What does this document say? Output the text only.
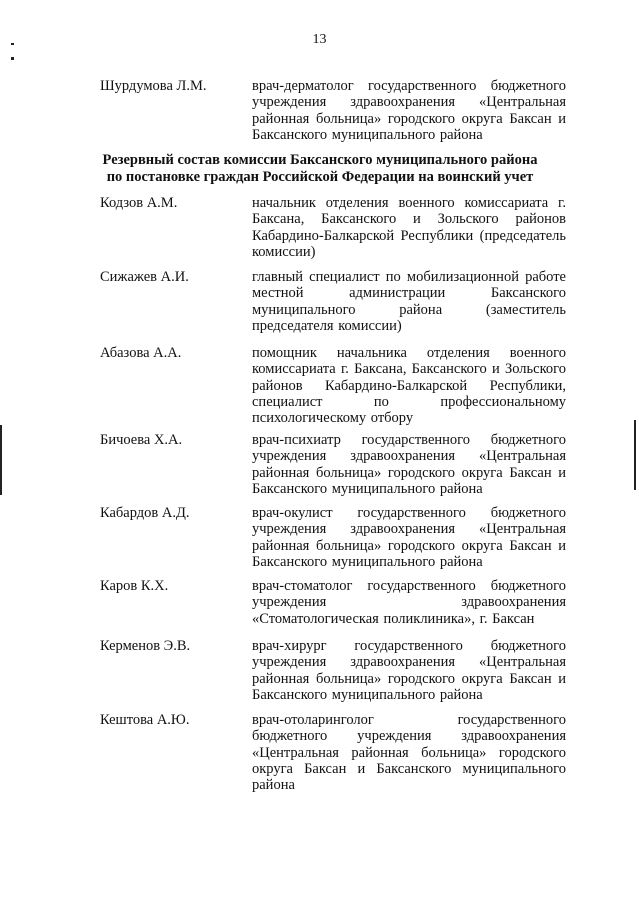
13
Шурдумова Л.М.	врач-дерматолог государственного бюджетного учреждения здравоохранения «Центральная районная больница» городского округа Баксан и Баксанского муниципального района
Резервный состав комиссии Баксанского муниципального района
по постановке граждан Российской Федерации на воинский учет
Кодзов А.М.	начальник отделения военного комиссариата г. Баксана, Баксанского и Зольского районов Кабардино-Балкарской Республики (председатель комиссии)
Сижажев А.И.	главный специалист по мобилизационной работе местной администрации Баксанского муниципального района (заместитель председателя комиссии)
Абазова А.А.	помощник начальника отделения военного комиссариата г. Баксана, Баксанского и Зольского районов Кабардино-Балкарской Республики, специалист по профессиональному психологическому отбору
Бичоева Х.А.	врач-психиатр государственного бюджетного учреждения здравоохранения «Центральная районная больница» городского округа Баксан и Баксанского муниципального района
Кабардов А.Д.	врач-окулист государственного бюджетного учреждения здравоохранения «Центральная районная больница» городского округа Баксан и Баксанского муниципального района
Каров К.Х.	врач-стоматолог государственного бюджетного учреждения здравоохранения «Стоматологическая поликлиника», г. Баксан
Керменов Э.В.	врач-хирург государственного бюджетного учреждения здравоохранения «Центральная районная больница» городского округа Баксан и Баксанского муниципального района
Кештова А.Ю.	врач-отоларинголог государственного бюджетного учреждения здравоохранения «Центральная районная больница» городского округа Баксан и Баксанского муниципального района
